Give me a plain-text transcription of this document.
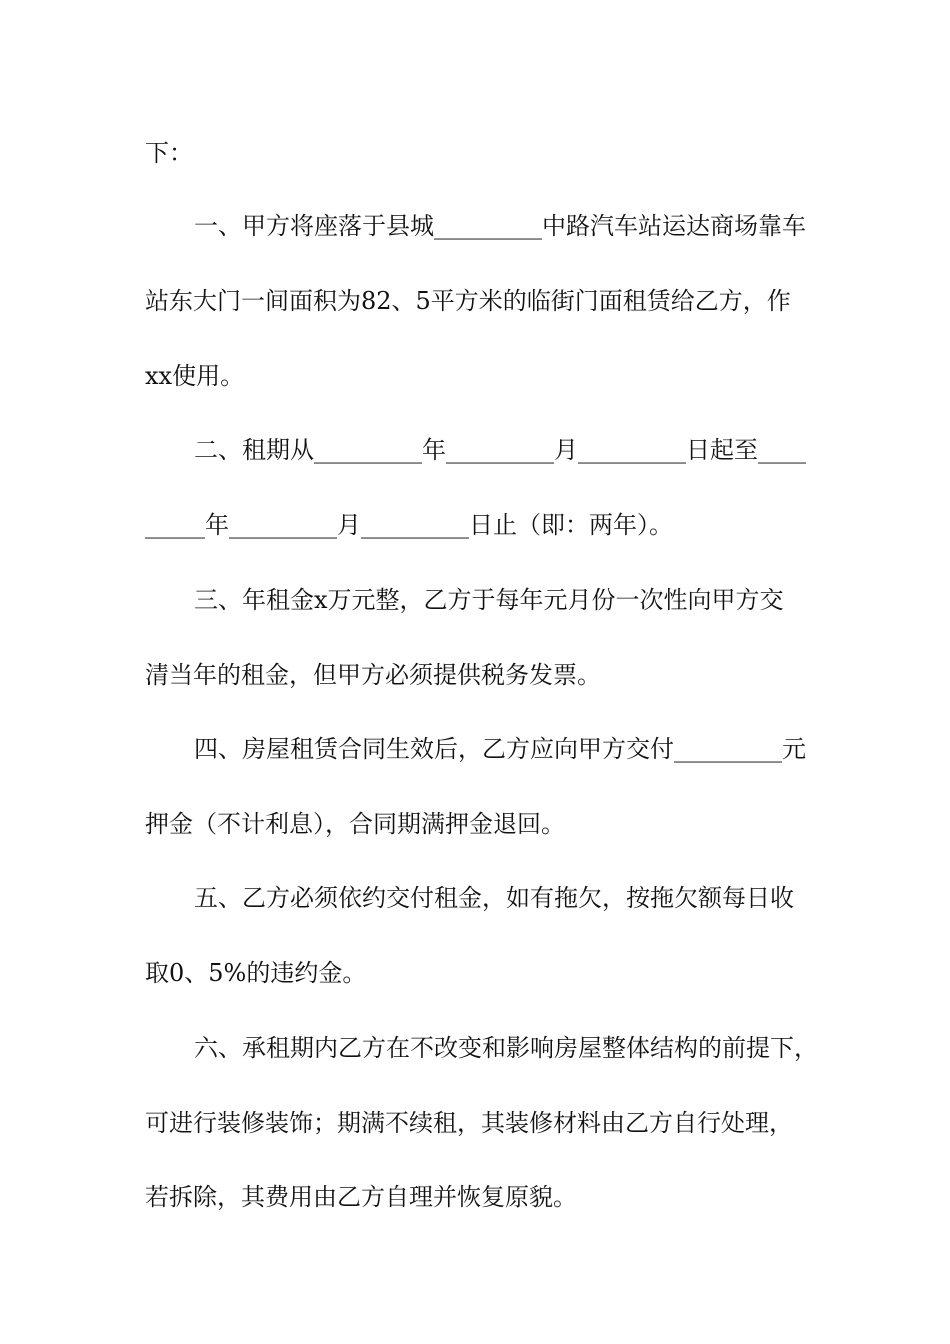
下：
一、甲方将座落于县城_________中路汽车站运达商场靠车
站东大门一间面积为82、5平方米的临街门面租赁给乙方，作
xx使用。
二、租期从_________年_________月_________日起至____
_____年_________月_________日止（即：两年）。
三、年租金x万元整，乙方于每年元月份一次性向甲方交
清当年的租金，但甲方必须提供税务发票。
四、房屋租赁合同生效后，乙方应向甲方交付_________元
押金（不计利息），合同期满押金退回。
五、乙方必须依约交付租金，如有拖欠，按拖欠额每日收
取0、5%的违约金。
六、承租期内乙方在不改变和影响房屋整体结构的前提下，
可进行装修装饰；期满不续租，其装修材料由乙方自行处理，
若拆除，其费用由乙方自理并恢复原貌。
